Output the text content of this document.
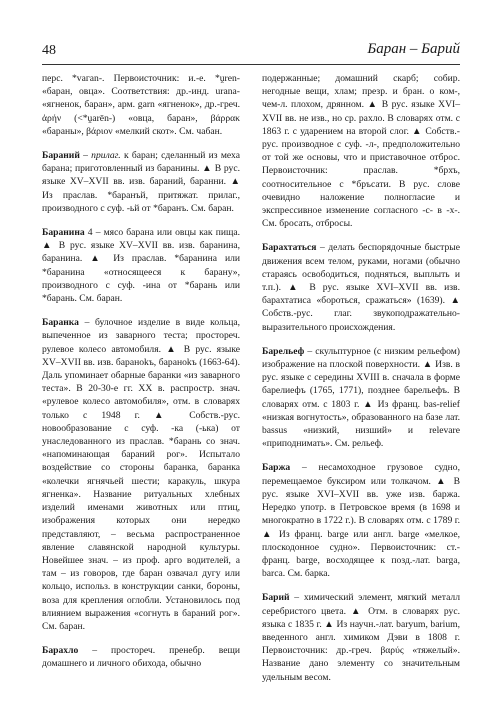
48	Баран – Барий

перс. *vaгаn-. Первоисточник: и.-е. *ṷren- «баран, овца». Соответствия: др.-инд. urana- «ягненок, баран», арм. garn «ягненок», др.-греч. ἀρήν (<*ṷarēn-) «овца, баран», βάρρακ «бараны», βάριον «мелкий скот». См. чабан.

Бараний – прилаг. к баран; сделанный из меха барана; приготовленный из баранины. ▲ В рус. языке XV–XVII вв. изв. бараний, баранни. ▲ Из праслав. *баранъй, притяжат. прилаг., производного с суф. -ьй от *баранъ. См. баран.

Баранина 4 – мясо барана или овцы как пища. ▲ В рус. языке XV–XVII вв. изв. баранина, баранина. ▲ Из праслав. *баранина или *баранина «относящееся к барану», производного с суф. -ина от *барань или *барань. См. баран.

Баранка – булочное изделие в виде кольца, выпеченное из заварного теста; простореч. рулевое колесо автомобиля. ▲ В рус. языке XV–XVII вв. изв. бараноkъ, бараноkъ (1663-64). Даль упоминает обарные баранки «из заварного теста». В 20-30-е гг. XX в. распростр. знач. «рулевое колесо автомобиля», отм. в словарях только с 1948 г. ▲ Собств.-рус. новообразование с суф. -ка (-ька) от унаследованного из праслав. *барань со знач. «напоминающая бараний рог». Испытало воздействие со стороны баранка, баранка «колечки ягнячьей шести; каракуль, шкура ягненка». Название ритуальных хлебных изделий именами животных или птиц, изображения которых они нередко представляют, – весьма распространенное явление славянской народной культуры. Новейшее знач. – из проф. арго водителей, а там – из говоров, где баран озвачал дугу или кольцо, использ. в конструкции санки, бороны, воза для крепления оглобли. Установилось под влиянием выражения «согнуть в бараний рог». См. баран.

Барахло – простореч. пренебр. вещи домашнего и личного обихода, обычно

подержанные; домашний скарб; собир. негодные вещи, хлам; презр. и бран. о ком-, чем-л. плохом, дрянном. ▲ В рус. языке XVI–XVII вв. не изв., но ср. рахло. В словарях отм. с 1863 г. с ударением на второй слог. ▲ Собств.-рус. производное с суф. -л-, предположительно от той же основы, что и приставочное отброс. Первоисточник: праслав. *брхъ, соотносительное с *бръсати. В рус. слове очевидно наложение полногласие и экспрессивное изменение согласного -с- в -х-. См. бросать, отбросы.

Барахтаться – делать беспорядочные быстрые движения всем телом, руками, ногами (обычно стараясь освободиться, подняться, выплыть и т.п.). ▲ В рус. языке XVI–XVII вв. изв. барахтатиса «бороться, сражаться» (1639). ▲ Собств.-рус. глаг. звукоподражательно-выразительного происхождения.

Барельеф – скульптурное (с низким рельефом) изображение на плоской поверхности. ▲ Изв. в рус. языке с середины XVIII в. сначала в форме барелиефъ (1765, 1771), позднее барельефъ. В словарях отм. с 1803 г. ▲ Из франц. bas-relief «низкая вогнутость», образованного на базе лат. bassus «низкий, низший» и relevare «приподнимать». См. рельеф.

Баржа – несамоходное грузовое судно, перемещаемое буксиром или толкачом. ▲ В рус. языке XVI–XVII вв. уже изв. баржа. Нередко употр. в Петровское время (в 1698 и многократно в 1722 г.). В словарях отм. с 1789 г. ▲ Из франц. barge или англ. barge «мелкое, плоскодонное судно». Первоисточник: ст.-франц. barge, восходящее к позд.-лат. barga, barca. См. барка.

Барий – химический элемент, мягкий металл серебристого цвета. ▲ Отм. в словарях рус. языка с 1835 г. ▲ Из научн.-лат. baryum, barium, введенного англ. химиком Дэви в 1808 г. Первоисточник: др.-греч. βαρύς «тяжелый». Название дано элементу со значительным удельным весом.
